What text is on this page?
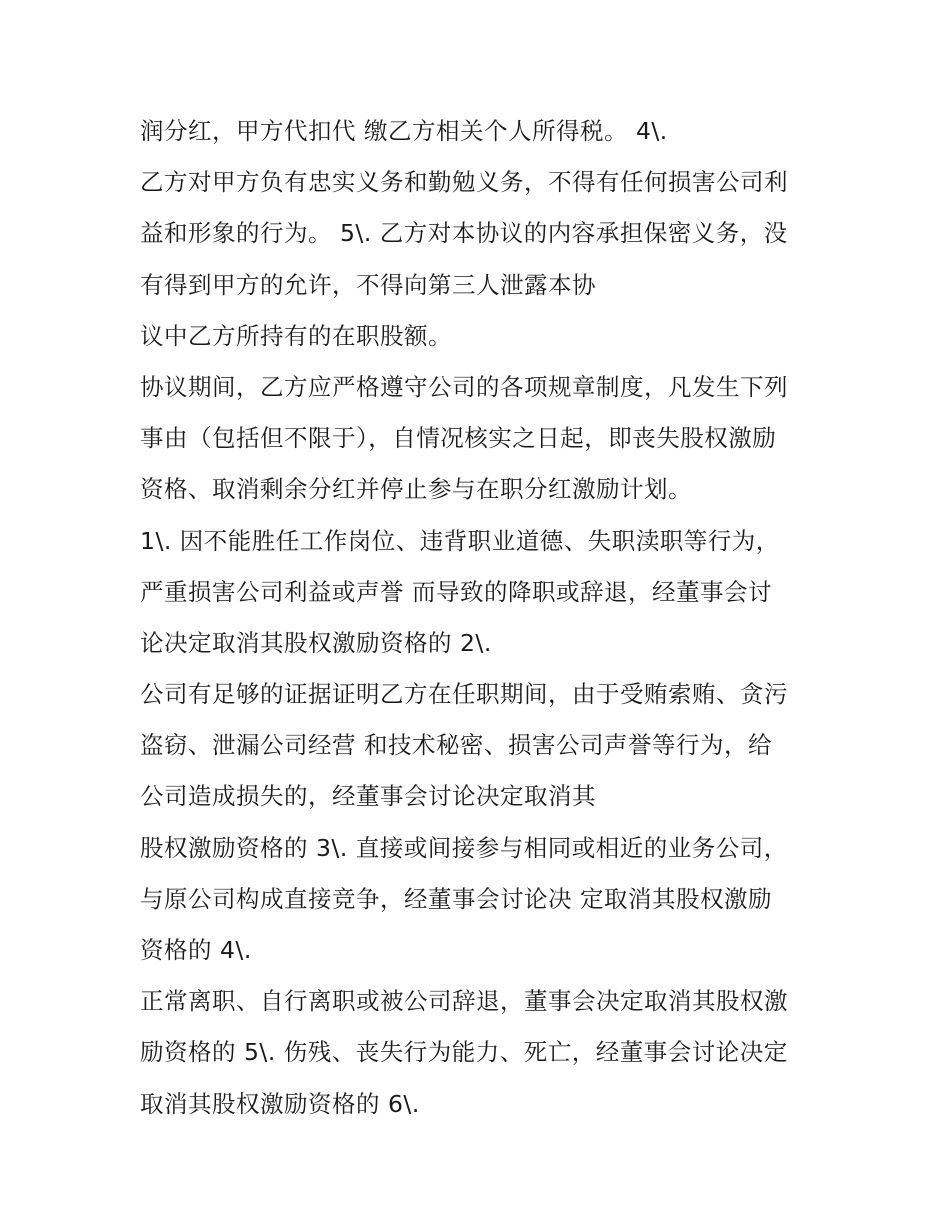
润分红，甲方代扣代 缴乙方相关个人所得税。 4\.
乙方对甲方负有忠实义务和勤勉义务，不得有任何损害公司利
益和形象的行为。 5\. 乙方对本协议的内容承担保密义务，没
有得到甲方的允许，不得向第三人泄露本协
议中乙方所持有的在职股额。
协议期间，乙方应严格遵守公司的各项规章制度，凡发生下列
事由（包括但不限于），自情况核实之日起，即丧失股权激励
资格、取消剩余分红并停止参与在职分红激励计划。
1\. 因不能胜任工作岗位、违背职业道德、失职渎职等行为，
严重损害公司利益或声誉 而导致的降职或辞退，经董事会讨
论决定取消其股权激励资格的 2\.
公司有足够的证据证明乙方在任职期间，由于受贿索贿、贪污
盗窃、泄漏公司经营 和技术秘密、损害公司声誉等行为，给
公司造成损失的，经董事会讨论决定取消其
股权激励资格的 3\. 直接或间接参与相同或相近的业务公司，
与原公司构成直接竞争，经董事会讨论决 定取消其股权激励
资格的 4\.
正常离职、自行离职或被公司辞退，董事会决定取消其股权激
励资格的 5\. 伤残、丧失行为能力、死亡，经董事会讨论决定
取消其股权激励资格的 6\.
